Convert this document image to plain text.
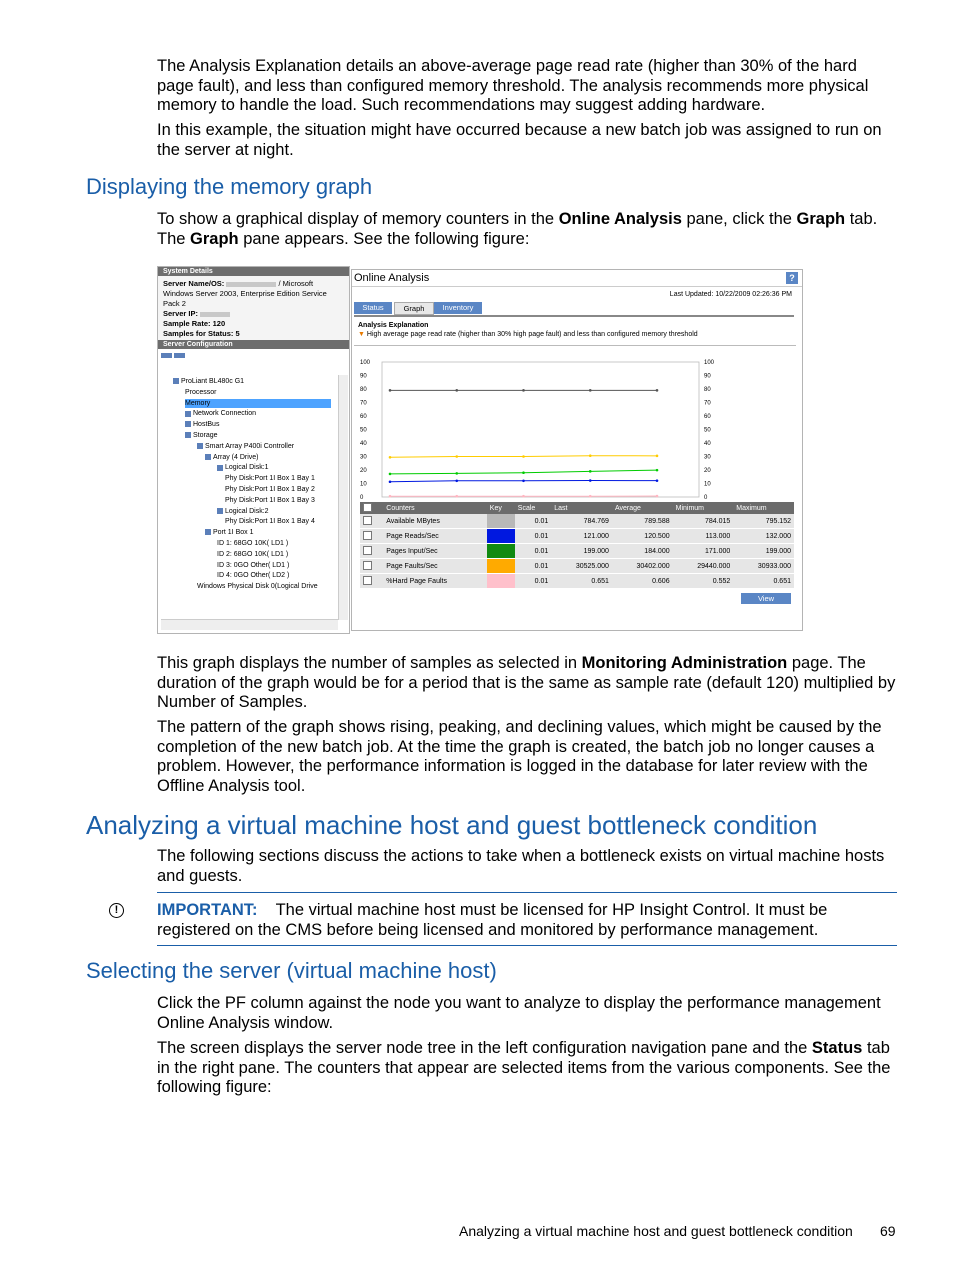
The Analysis Explanation details an above-average page read rate (higher than 30% of the hard page fault), and less than configured memory threshold. The analysis recommends more physical memory to handle the load. Such recommendations may suggest adding hardware.

In this example, the situation might have occurred because a new batch job was assigned to run on the server at night.

Displaying the memory graph

To show a graphical display of memory counters in the Online Analysis pane, click the Graph tab. The Graph pane appears. See the following figure:

System Details
Server Name/OS:	/ Microsoft Windows Server 2003, Enterprise Edition Service Pack 2
Server IP:
Sample Rate: 120
Samples for Status: 5

Server Configuration
ProLiant BL480c G1
Processor
Memory
Network Connection
HostBus
Storage
Smart Array P400i Controller
Array (4 Drive)
Logical Disk:1
Phy Disk:Port 1I Box 1 Bay 1
Phy Disk:Port 1I Box 1 Bay 2
Phy Disk:Port 1I Box 1 Bay 3
Logical Disk:2
Phy Disk:Port 1I Box 1 Bay 4
Port 1I Box 1
ID 1: 68GO 10K( LD1 )
ID 2: 68GO 10K( LD1 )
ID 3: 0GO Other( LD1 )
ID 4: 0GO Other( LD2 )
Windows Physical Disk 0(Logical Drive
Online Analysis	?
Last Updated: 10/22/2009 02:26:36 PM
Status	Graph	Inventory
Analysis Explanation
▼ High average page read rate (higher than 30% high page fault) and less than configured memory threshold
0	0
10	10
20	20
30	30
40	40
50	50
60	60
70	70
80	80
90	90
100	100
	Counters	Key	Scale	Last	Average	Minimum	Maximum
	Available MBytes		0.01	784.769	789.588	784.015	795.152
	Page Reads/Sec		0.01	121.000	120.500	113.000	132.000
	Pages Input/Sec		0.01	199.000	184.000	171.000	199.000
	Page Faults/Sec		0.01	30525.000	30402.000	29440.000	30933.000
	%Hard Page Faults		0.01	0.651	0.606	0.552	0.651
View

This graph displays the number of samples as selected in Monitoring Administration page. The duration of the graph would be for a period that is the same as sample rate (default 120) multiplied by Number of Samples.

The pattern of the graph shows rising, peaking, and declining values, which might be caused by the completion of the new batch job. At the time the graph is created, the batch job no longer causes a problem. However, the performance information is logged in the database for later review with the Offline Analysis tool.

Analyzing a virtual machine host and guest bottleneck condition

The following sections discuss the actions to take when a bottleneck exists on virtual machine hosts and guests.

!	IMPORTANT: The virtual machine host must be licensed for HP Insight Control. It must be registered on the CMS before being licensed and monitored by performance management.

Selecting the server (virtual machine host)

Click the PF column against the node you want to analyze to display the performance management Online Analysis window.

The screen displays the server node tree in the left configuration navigation pane and the Status tab in the right pane. The counters that appear are selected items from the various components. See the following figure:

Analyzing a virtual machine host and guest bottleneck condition 69
